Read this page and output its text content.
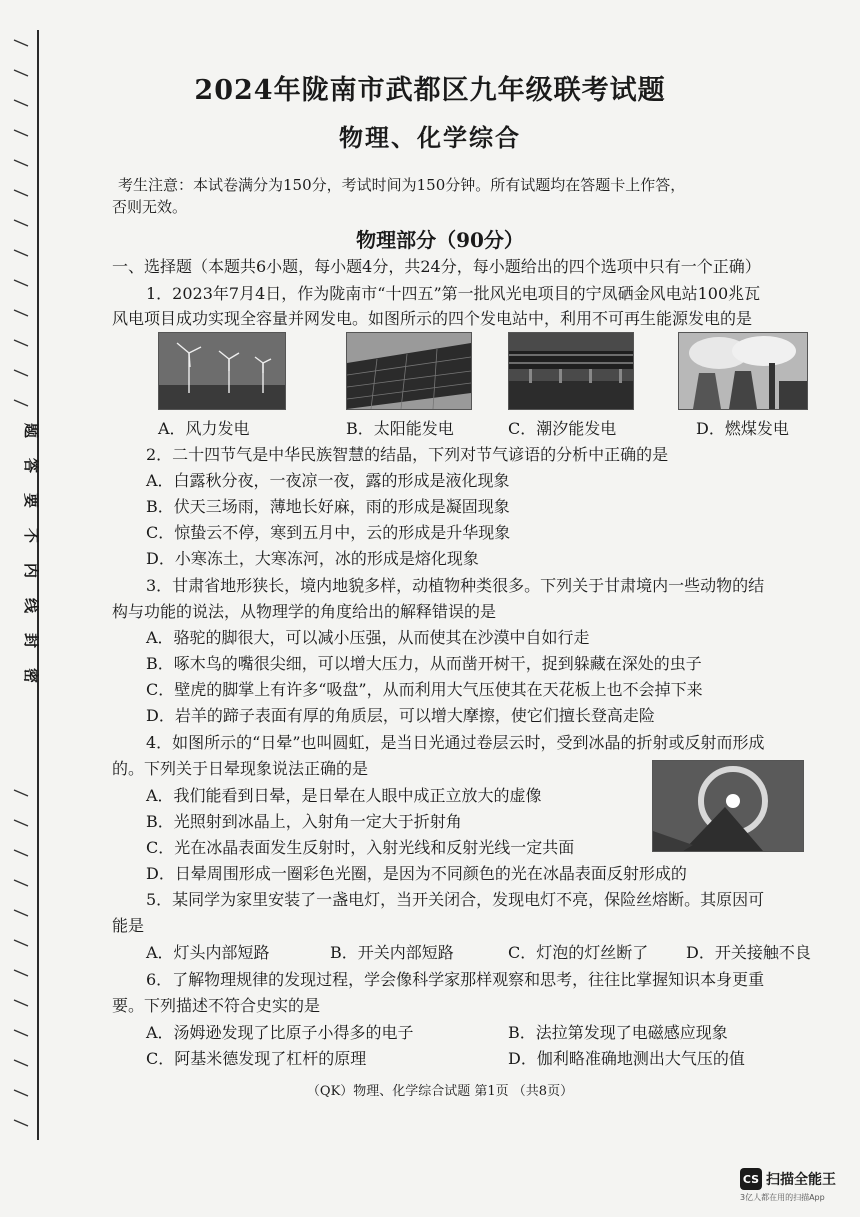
题
答
要
不
内
线
封
密
2024年陇南市武都区九年级联考试题
物理、化学综合
考生注意：本试卷满分为150分，考试时间为150分钟。所有试题均在答题卡上作答，
否则无效。
物理部分（90分）
一、选择题（本题共6小题，每小题4分，共24分，每小题给出的四个选项中只有一个正确）
1．2023年7月4日，作为陇南市“十四五”第一批风光电项目的宁凤硒金风电站100兆瓦
风电项目成功实现全容量并网发电。如图所示的四个发电站中，利用不可再生能源发电的是
A．风力发电	B．太阳能发电	C．潮汐能发电	D．燃煤发电
2．二十四节气是中华民族智慧的结晶，下列对节气谚语的分析中正确的是
A．白露秋分夜，一夜凉一夜，露的形成是液化现象
B．伏天三场雨，薄地长好麻，雨的形成是凝固现象
C．惊蛰云不停，寒到五月中，云的形成是升华现象
D．小寒冻土，大寒冻河，冰的形成是熔化现象
3．甘肃省地形狭长，境内地貌多样，动植物种类很多。下列关于甘肃境内一些动物的结
构与功能的说法，从物理学的角度给出的解释错误的是
A．骆驼的脚很大，可以减小压强，从而使其在沙漠中自如行走
B．啄木鸟的嘴很尖细，可以增大压力，从而凿开树干，捉到躲藏在深处的虫子
C．壁虎的脚掌上有许多“吸盘”，从而利用大气压使其在天花板上也不会掉下来
D．岩羊的蹄子表面有厚的角质层，可以增大摩擦，使它们擅长登高走险
4．如图所示的“日晕”也叫圆虹，是当日光通过卷层云时，受到冰晶的折射或反射而形成
的。下列关于日晕现象说法正确的是
A．我们能看到日晕，是日晕在人眼中成正立放大的虚像
B．光照射到冰晶上，入射角一定大于折射角
C．光在冰晶表面发生反射时，入射光线和反射光线一定共面
D．日晕周围形成一圈彩色光圈，是因为不同颜色的光在冰晶表面反射形成的
5．某同学为家里安装了一盏电灯，当开关闭合，发现电灯不亮，保险丝熔断。其原因可
能是
A．灯头内部短路	B．开关内部短路	C．灯泡的灯丝断了 D．开关接触不良
6．了解物理规律的发现过程，学会像科学家那样观察和思考，往往比掌握知识本身更重
要。下列描述不符合史实的是
A．汤姆逊发现了比原子小得多的电子	B．法拉第发现了电磁感应现象
C．阿基米德发现了杠杆的原理	D．伽利略准确地测出大气压的值
（QK）物理、化学综合试题 第1页 （共8页）
CS 扫描全能王
3亿人都在用的扫描App
